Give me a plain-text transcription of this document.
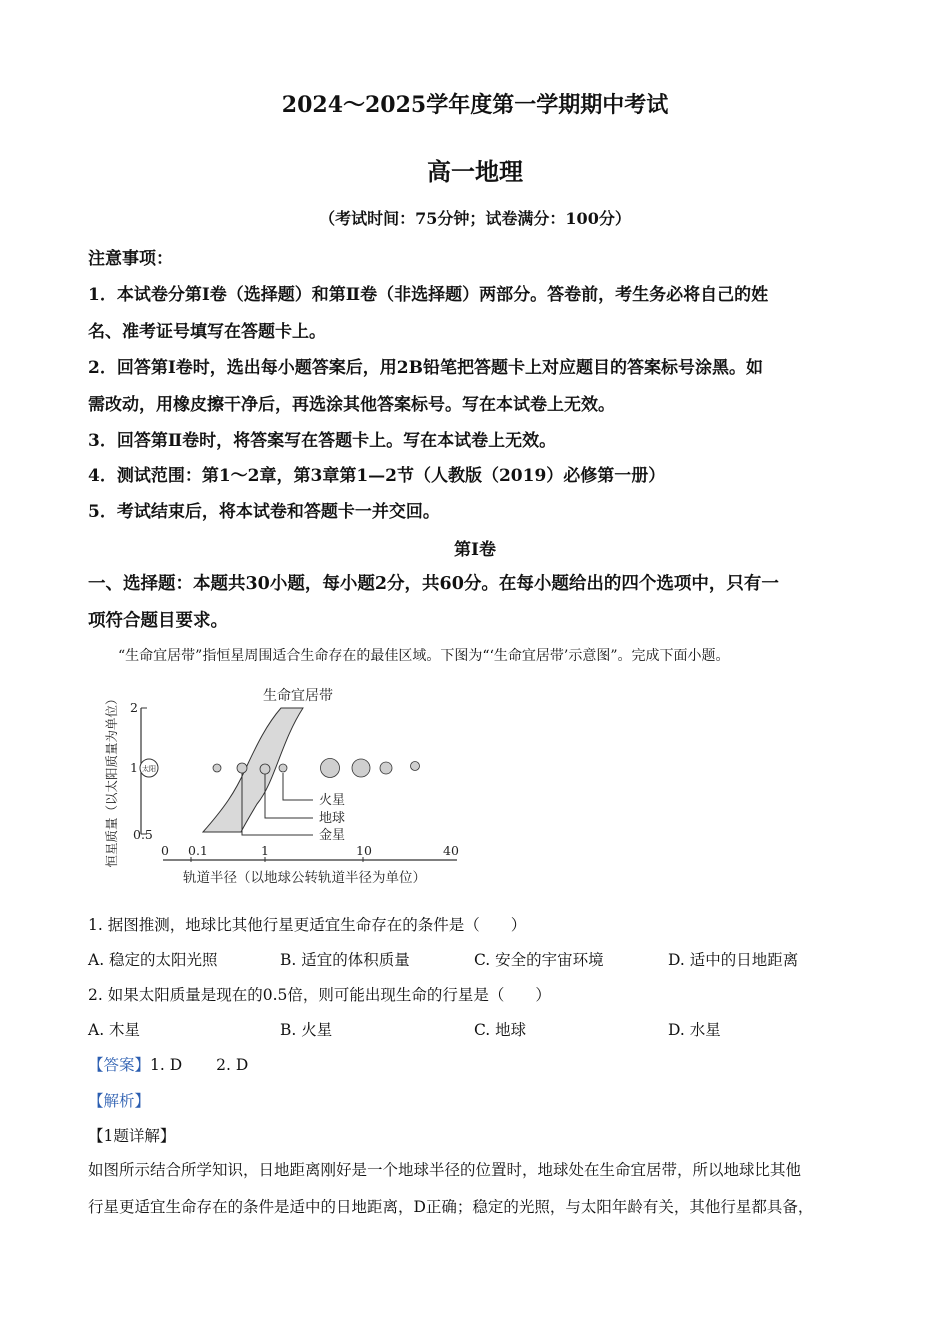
2024～2025学年度第一学期期中考试
高一地理
（考试时间：75分钟；试卷满分：100分）
注意事项：
1．本试卷分第Ⅰ卷（选择题）和第Ⅱ卷（非选择题）两部分。答卷前，考生务必将自己的姓
名、准考证号填写在答题卡上。
2．回答第Ⅰ卷时，选出每小题答案后，用2B铅笔把答题卡上对应题目的答案标号涂黑。如
需改动，用橡皮擦干净后，再选涂其他答案标号。写在本试卷上无效。
3．回答第Ⅱ卷时，将答案写在答题卡上。写在本试卷上无效。
4．测试范围：第1～2章，第3章第1—2节（人教版（2019）必修第一册）
5．考试结束后，将本试卷和答题卡一并交回。
第Ⅰ卷
一、选择题：本题共30小题，每小题2分，共60分。在每小题给出的四个选项中，只有一
项符合题目要求。
“生命宜居带”指恒星周围适合生命存在的最佳区域。下图为“‘生命宜居带’示意图”。完成下面小题。
恒星质量（以太阳质量为单位） 2
1
0.5
0 0.1	1	10	40
生命宜居带
太阳
火星
地球
金星
轨道半径（以地球公转轨道半径为单位）
1. 据图推测，地球比其他行星更适宜生命存在的条件是（　　）
A. 稳定的太阳光照	B. 适宜的体积质量	C. 安全的宇宙环境	D. 适中的日地距离
2. 如果太阳质量是现在的0.5倍，则可能出现生命的行星是（　　）
A. 木星	B. 火星	C. 地球	D. 水星
【答案】1. D 2. D
【解析】
【1题详解】
如图所示结合所学知识，日地距离刚好是一个地球半径的位置时，地球处在生命宜居带，所以地球比其他
行星更适宜生命存在的条件是适中的日地距离，D正确；稳定的光照，与太阳年龄有关，其他行星都具备，
